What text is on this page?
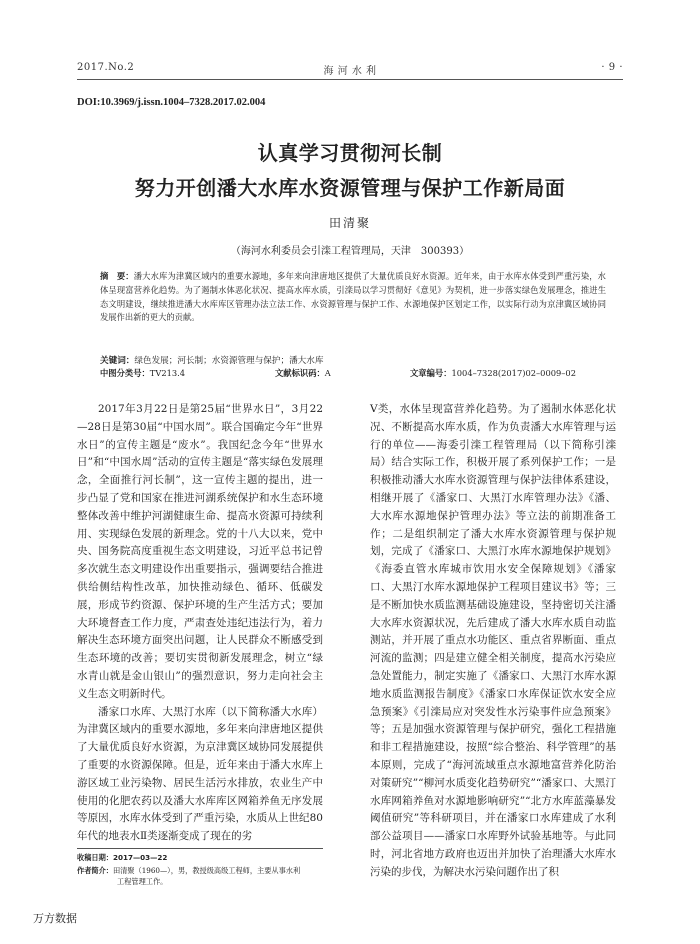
2017.No.2	海 河 水 利	· 9 ·
DOI:10.3969/j.issn.1004–7328.2017.02.004
认真学习贯彻河长制
努力开创潘大水库水资源管理与保护工作新局面
田清聚
（海河水利委员会引滦工程管理局，天津　300393）
摘　要：潘大水库为津冀区域内的重要水源地，多年来向津唐地区提供了大量优质良好水资源。近年来，由于水库水体受到严重污染，水体呈现富营养化趋势。为了遏制水体恶化状况、提高水库水质，引滦局以学习贯彻好《意见》为契机，进一步落实绿色发展理念，推进生态文明建设，继续推进潘大水库库区管理办法立法工作、水资源管理与保护工作、水源地保护区划定工作，以实际行动为京津冀区域协同发展作出新的更大的贡献。
关键词：绿色发展；河长制；水资源管理与保护；潘大水库
中图分类号：TV213.4	文献标识码：A	文章编号：1004–7328(2017)02–0009–02

2017年3月22日是第25届“世界水日”，3月22—28日是第30届“中国水周”。联合国确定今年“世界水日”的宣传主题是“废水”。我国纪念今年“世界水日”和“中国水周”活动的宣传主题是“落实绿色发展理念，全面推行河长制”，这一宣传主题的提出，进一步凸显了党和国家在推进河湖系统保护和水生态环境整体改善中维护河湖健康生命、提高水资源可持续利用、实现绿色发展的新理念。党的十八大以来，党中央、国务院高度重视生态文明建设，习近平总书记曾多次就生态文明建设作出重要指示，强调要结合推进供给侧结构性改革，加快推动绿色、循环、低碳发展，形成节约资源、保护环境的生产生活方式；要加大环境督查工作力度，严肃查处违纪违法行为，着力解决生态环境方面突出问题，让人民群众不断感受到生态环境的改善；要切实贯彻新发展理念，树立“绿水青山就是金山银山”的强烈意识，努力走向社会主义生态文明新时代。

潘家口水库、大黑汀水库（以下简称潘大水库）为津冀区域内的重要水源地，多年来向津唐地区提供了大量优质良好水资源，为京津冀区域协同发展提供了重要的水资源保障。但是，近年来由于潘大水库上游区域工业污染物、居民生活污水排放，农业生产中使用的化肥农药以及潘大水库库区网箱养鱼无序发展等原因，水库水体受到了严重污染，水质从上世纪80年代的地表水Ⅱ类逐渐变成了现在的劣

Ⅴ类，水体呈现富营养化趋势。为了遏制水体恶化状况、不断提高水库水质，作为负责潘大水库管理与运行的单位——海委引滦工程管理局（以下简称引滦局）结合实际工作，积极开展了系列保护工作；一是积极推动潘大水库水资源管理与保护法律体系建设，相继开展了《潘家口、大黑汀水库管理办法》《潘、大水库水源地保护管理办法》等立法的前期准备工作；二是组织制定了潘大水库水资源管理与保护规划，完成了《潘家口、大黑汀水库水源地保护规划》《海委直管水库城市饮用水安全保障规划》《潘家口、大黑汀水库水源地保护工程项目建议书》等；三是不断加快水质监测基础设施建设，坚持密切关注潘大水库水资源状况，先后建成了潘大水库水质自动监测站，并开展了重点水功能区、重点省界断面、重点河流的监测；四是建立健全相关制度，提高水污染应急处置能力，制定实施了《潘家口、大黑汀水库水源地水质监测报告制度》《潘家口水库保证饮水安全应急预案》《引滦局应对突发性水污染事件应急预案》等；五是加强水资源管理与保护研究，强化工程措施和非工程措施建设，按照“综合整治、科学管理”的基本原则，完成了“海河流域重点水源地富营养化防治对策研究”“柳河水质变化趋势研究”“潘家口、大黑汀水库网箱养鱼对水源地影响研究”“北方水库蓝藻暴发阈值研究”等科研项目，并在潘家口水库建成了水利部公益项目——潘家口水库野外试验基地等。与此同时，河北省地方政府也迈出并加快了治理潘大水库水污染的步伐，为解决水污染问题作出了积

收稿日期：2017—03—22
作者简介：田清聚（1960—），男，教授级高级工程师，主要从事水利
工程管理工作。
万方数据
